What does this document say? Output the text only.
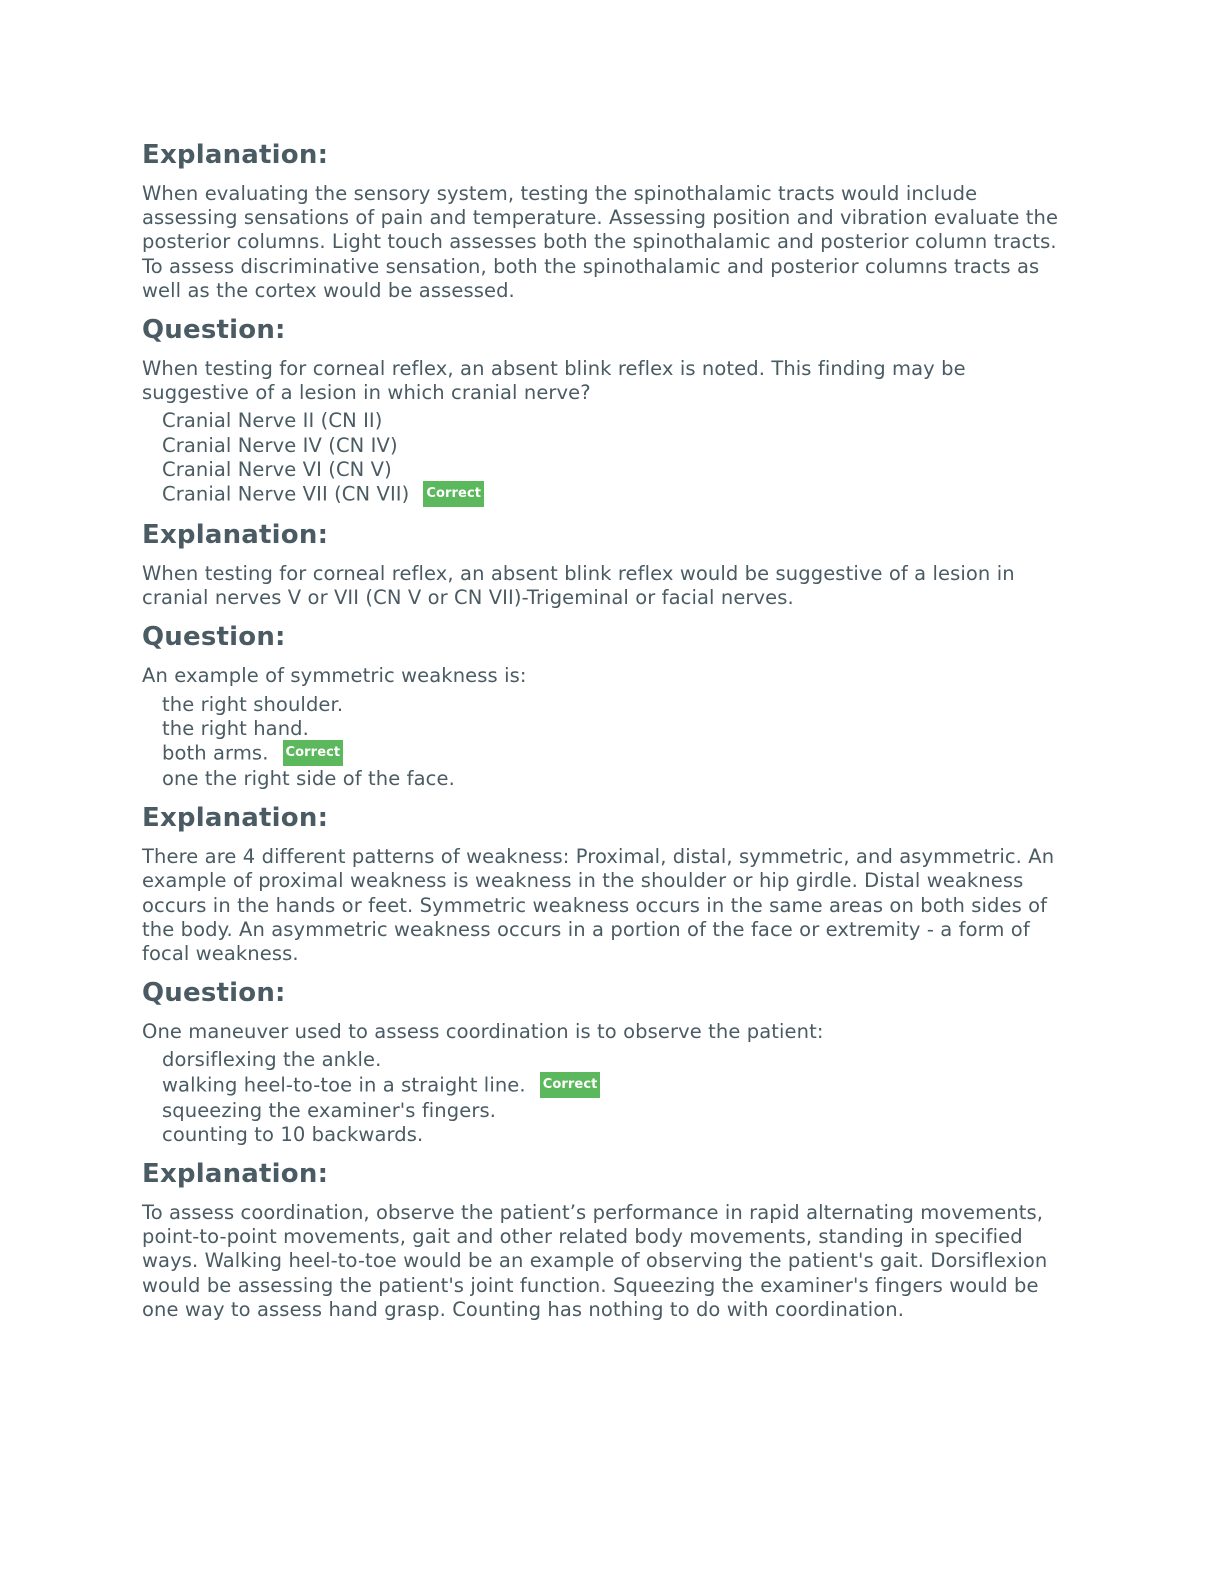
Explanation:
When evaluating the sensory system, testing the spinothalamic tracts would include assessing sensations of pain and temperature. Assessing position and vibration evaluate the posterior columns. Light touch assesses both the spinothalamic and posterior column tracts. To assess discriminative sensation, both the spinothalamic and posterior columns tracts as well as the cortex would be assessed.
Question:
When testing for corneal reflex, an absent blink reflex is noted. This finding may be suggestive of a lesion in which cranial nerve?
Cranial Nerve II (CN II)
Cranial Nerve IV (CN IV)
Cranial Nerve VI (CN V)
Cranial Nerve VII (CN VII) Correct
Explanation:
When testing for corneal reflex, an absent blink reflex would be suggestive of a lesion in cranial nerves V or VII (CN V or CN VII)-Trigeminal or facial nerves.
Question:
An example of symmetric weakness is:
the right shoulder.
the right hand.
both arms. Correct
one the right side of the face.
Explanation:
There are 4 different patterns of weakness: Proximal, distal, symmetric, and asymmetric. An example of proximal weakness is weakness in the shoulder or hip girdle. Distal weakness occurs in the hands or feet. Symmetric weakness occurs in the same areas on both sides of the body. An asymmetric weakness occurs in a portion of the face or extremity - a form of focal weakness.
Question:
One maneuver used to assess coordination is to observe the patient:
dorsiflexing the ankle.
walking heel-to-toe in a straight line. Correct
squeezing the examiner's fingers.
counting to 10 backwards.
Explanation:
To assess coordination, observe the patient’s performance in rapid alternating movements, point-to-point movements, gait and other related body movements, standing in specified ways. Walking heel-to-toe would be an example of observing the patient's gait. Dorsiflexion would be assessing the patient's joint function. Squeezing the examiner's fingers would be one way to assess hand grasp. Counting has nothing to do with coordination.
